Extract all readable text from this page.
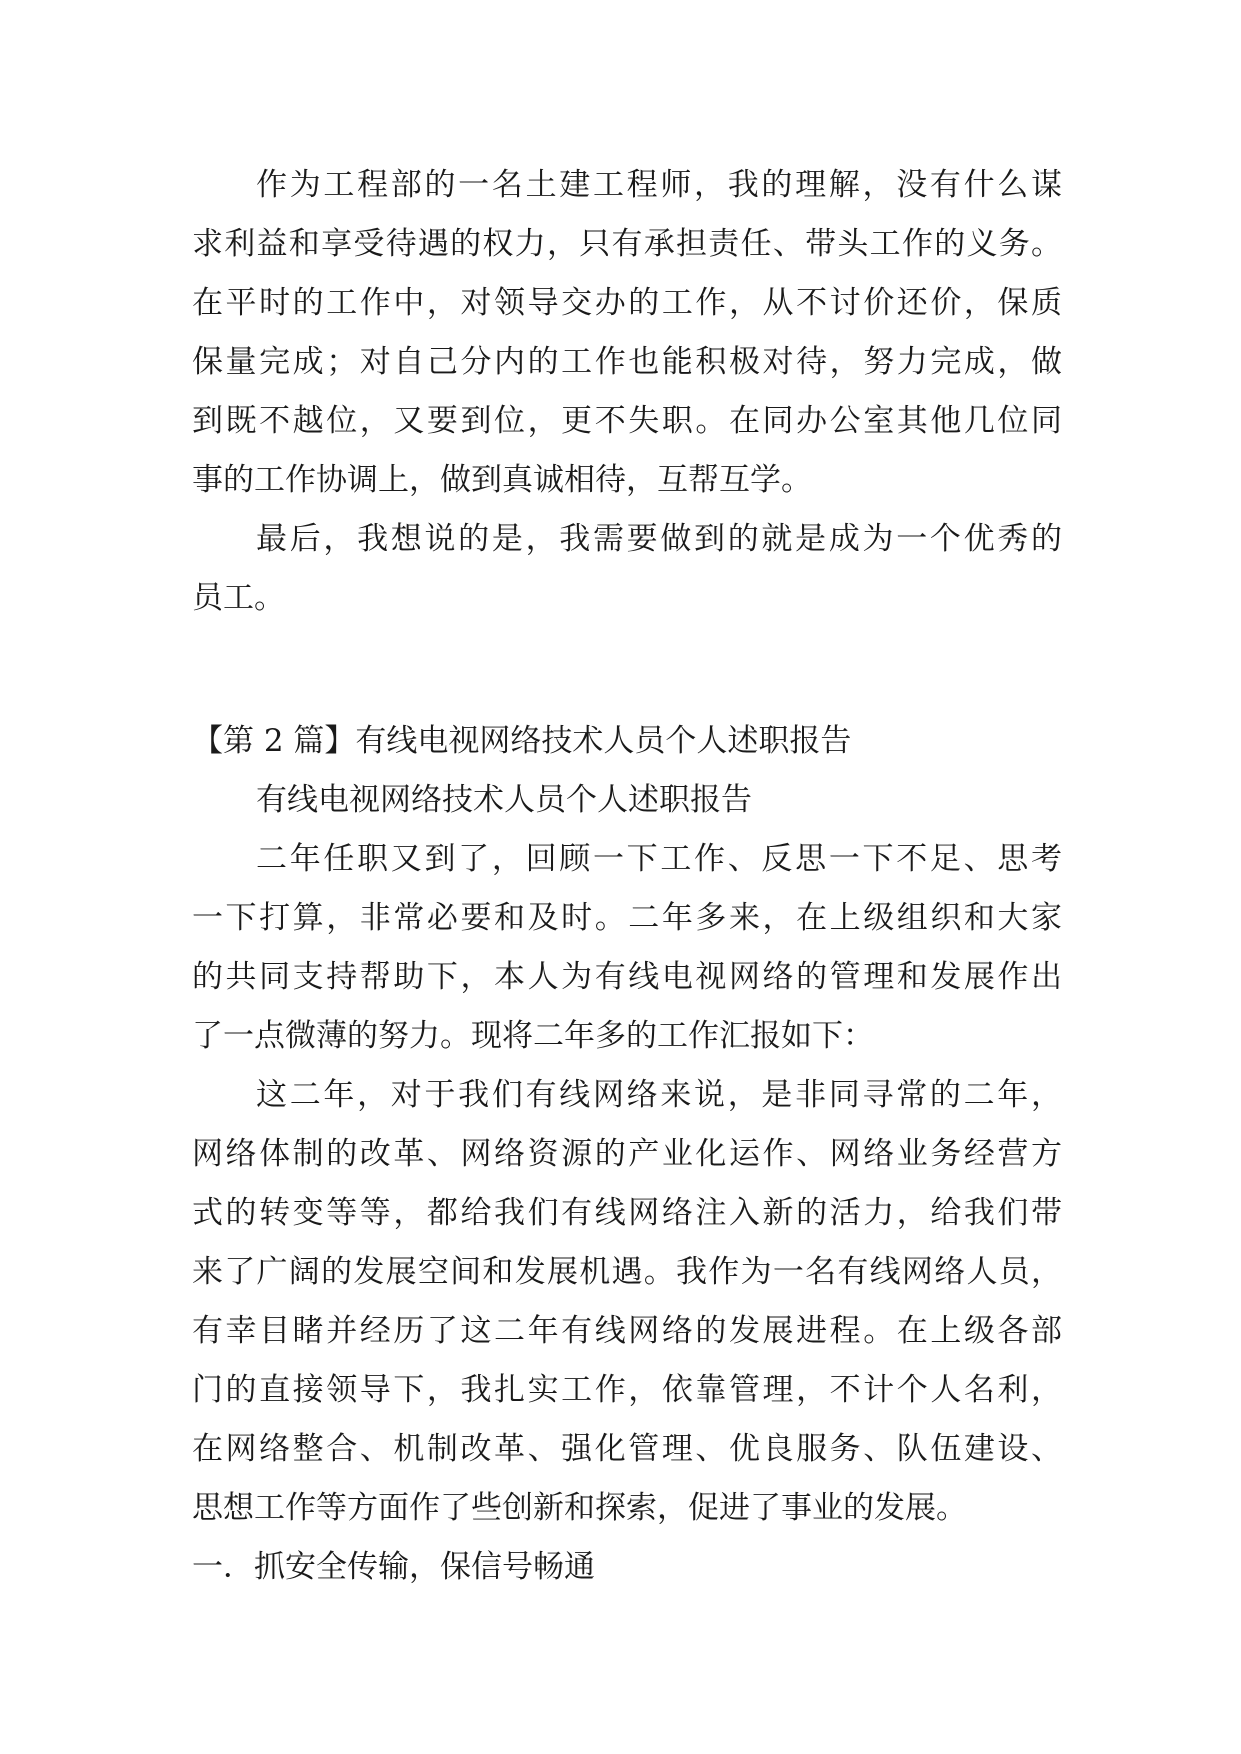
作为工程部的一名土建工程师，我的理解，没有什么谋
求利益和享受待遇的权力，只有承担责任、带头工作的义务。
在平时的工作中，对领导交办的工作，从不讨价还价，保质
保量完成；对自己分内的工作也能积极对待，努力完成，做
到既不越位，又要到位，更不失职。在同办公室其他几位同
事的工作协调上，做到真诚相待，互帮互学。
最后，我想说的是，我需要做到的就是成为一个优秀的
员工。
【第 2 篇】有线电视网络技术人员个人述职报告
有线电视网络技术人员个人述职报告
二年任职又到了，回顾一下工作、反思一下不足、思考
一下打算，非常必要和及时。二年多来，在上级组织和大家
的共同支持帮助下，本人为有线电视网络的管理和发展作出
了一点微薄的努力。现将二年多的工作汇报如下：
这二年，对于我们有线网络来说，是非同寻常的二年，
网络体制的改革、网络资源的产业化运作、网络业务经营方
式的转变等等，都给我们有线网络注入新的活力，给我们带
来了广阔的发展空间和发展机遇。我作为一名有线网络人员，
有幸目睹并经历了这二年有线网络的发展进程。在上级各部
门的直接领导下，我扎实工作，依靠管理，不计个人名利，
在网络整合、机制改革、强化管理、优良服务、队伍建设、
思想工作等方面作了些创新和探索，促进了事业的发展。
一．抓安全传输，保信号畅通
